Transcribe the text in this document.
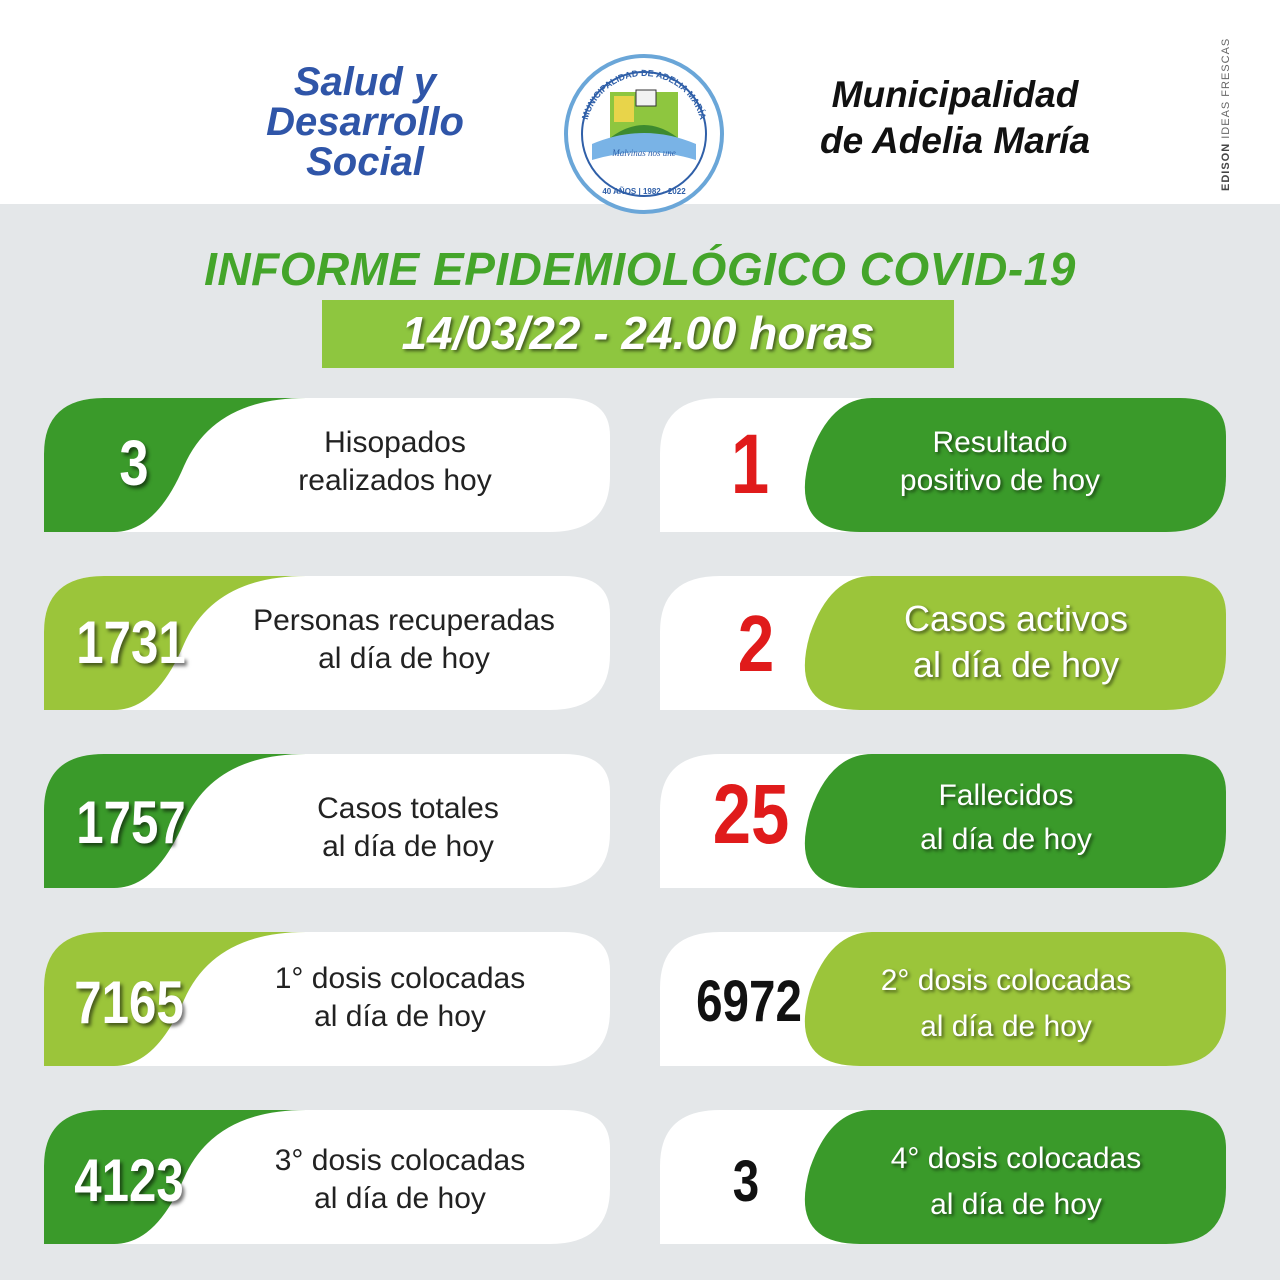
Salud y
Desarrollo
Social
MUNICIPALIDAD DE ADELIA MARÍA
Malvinas nos une
40 AÑOS | 1982 - 2022
Municipalidad
de Adelia María
EDISON IDEAS FRESCAS
INFORME EPIDEMIOLÓGICO COVID-19
14/03/22 - 24.00 horas
3	Hisopados
realizados hoy
1731	Personas recuperadas
al día de hoy
1757	Casos totales
al día de hoy
7165	1° dosis colocadas
al día de hoy
4123	3° dosis colocadas
al día de hoy
1	Resultado
positivo de hoy
2	Casos activos
al día de hoy
25	Fallecidos
al día de hoy
6972	2° dosis colocadas
al día de hoy
3	4° dosis colocadas
al día de hoy
